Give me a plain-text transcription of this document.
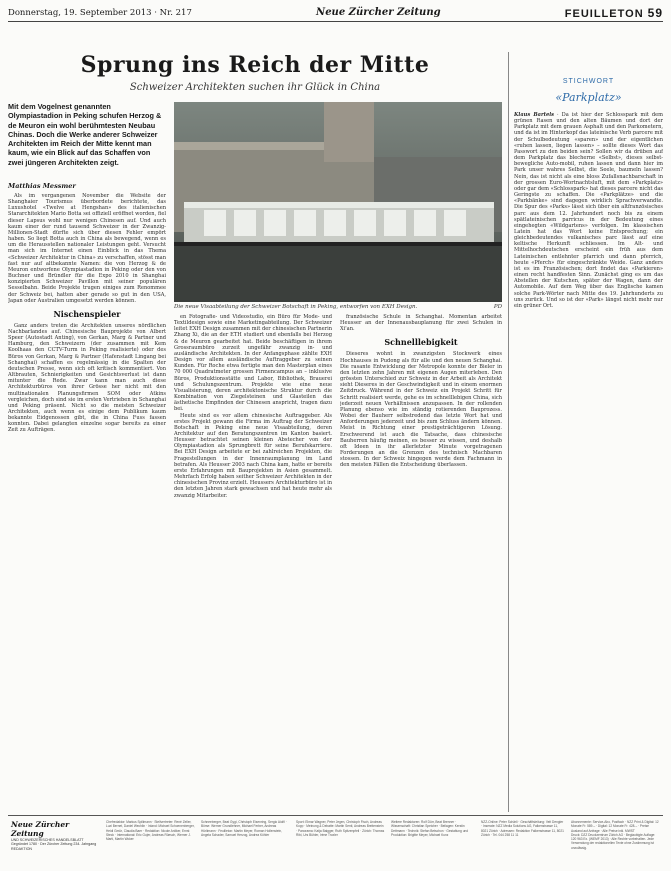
Donnerstag, 19. September 2013 · Nr. 217	Neue Zürcher Zeitung	FEUILLETON 59
Sprung ins Reich der Mitte
Schweizer Architekten suchen ihr Glück in China
Mit dem Vogelnest genannten Olympiastadion in Peking schufen Herzog & de Meuron ein wohl berühmtesten Neubau Chinas. Doch die Werke anderer Schweizer Architekten im Reich der Mitte kennt man kaum, wie ein Blick auf das Schaffen von zwei jüngeren Architekten zeigt.
Matthias Messmer

Als im vergangenen November die Website der Shanghaier Tourismus überbordete berichtete, das Luxushotel «Twelve at Hengshan» des italienischen Stararchitekten Mario Botta sei offiziell eröffnet worden, fiel dieser Lapsus wohl nur wenigen Chinesen auf. Und auch kaum einer der rund tausend Schweizer in der Zwanzig-Millionen-Stadt dürfte sich über diesen Fehler empört haben. So liegt Botta auch in China als bewegend, wenn es um die Herausstellen nationaler Leistungen geht. Versucht man sich im Internet einen Einblick in das Thema «Schweizer Architektur in China» zu verschaffen, stösst man fast nur auf altbekannte Namen: die von Herzog & de Meuron entworfene Olympiastadion in Peking oder den von Buchner und Bründler für die Expo 2010 in Shanghai konzipierten Schweizer Pavillon mit seiner populären Sesselbahn. Beide Projekte trugen einiges zum Renommee der Schweiz bei, hatten aber gerade so gut in den USA, Japan oder Australien umgesetzt werden können.

Nischenspieler

Ganz anders treten die Architekten unseres nördlichen Nachbarlandes auf. Chinesische Bauprojekte von Albert Speer (Autostadt Anting), von Gerkan, Marg & Partner und Hamburg, den Schweizern (der zusammen mit Kem Koolhaas den CCTV-Turm in Peking realisierte) oder des Büros von Gerkan, Marg & Partner (Hafenstadt Lingang bei Schanghai) schaffen es regelmässig in die Spalten der deutschen Presse, wenn sich oft kritisch kommentiert. Von Altbrauten, Schnierigkeiten und Gesichtsverlust ist dann mitunter die Rede. Zwar kann man auch diese Architekturbüros von ihrer Grösse her nicht mit den multinationalen Planungsfirmen SOM oder Atkins vergleichen, doch sind sie im ersten Vertrieben in Schanghai und Peking präsent. Nicht so die meisten Schweizer Architekten, auch wenn es einige dem Publikum kaum bekannte Eidgenossen gibt, die in China Fuss fassen konnten. Dabei gelangten einzelne sogar bereits zu einer Zeit zu Aufträgen.

Die neue Visaabteilung der Schweizer Botschaft in Peking, entworfen von EXH Design.	PD

en Fotografie- und Videostudio, ein Büro für Mode- und Textildesign sowie eine Marketingabteilung. Der Schweizer leitet EXH Design zusammen mit der chinesischen Partnerin Zhang Xi, die an der ETH studiert und ebenfalls bei Herzog & de Meuron gearbeitet hat. Beide beschäftigen in ihrem Grossraumbüro zurzeit ungefähr zwanzig in- und ausländische Architekten. In der Anfangsphase zählte EXH Design vor allem ausländische Auftraggeber zu seinen Kunden. Für Roche etwa fertigte man den Masterplan eines 70 000 Quadratmeter grossen Firmencampus an – inklusive Büros, Produktionsstätte und Labor, Bibliothek, Brauerei und Schulungszentrum. Projekte wie eine neue Visualisierung, deren architektonische Struktur durch die Kombination von Ziegelsteinen und Glasteilen das ästhetische Empfinden der Chinesen anspricht, tragen dazu bei.

Heute sind es vor allem chinesische Auftraggeber. Als erstes Projekt gewann die Firma im Auftrag der Schweizer Botschaft in Peking eine neue Visaabteilung, deren Architektur auf den Beratungszentren im Kanton basiert. Heusser betrachtet seinen kleinen Abstecher von der Olympiastadion als Sprungbrett für seine Berufskarriere. Bei EXH Design arbeitete er bei zahlreichen Projekten, die Fragestellungen in der Innenraumplanung im Land betrafen. Als Heusser 2003 nach China kam, hatte er bereits erste Erfahrungen mit Bauprojekten in Asien gesammelt. Mehrfach Erfolg haben seither Schweizer Architekten in der chinesischen Provinz erzielt. Heussers Architekturbüro ist in den letzten Jahren stark gewachsen und hat heute mehr als zwanzig Mitarbeiter.

französische Schule in Schanghai. Momentan arbeitet Heusser an der Innenausbauplanung für zwei Schulen in Xi'an.

Schnelllebigkeit

Dieseres wohnt in zwanzigsten Stockwerk eines Hochhauses in Pudong als für alle und den neuen Schanghai. Die rasante Entwicklung der Metropole konnte der Bieler in den letzten zehn Jahren mit eigenen Augen miterleben. Den grössten Unterschied zur Schweiz in der Arbeit als Architekt sieht Dieseres in der Geschwindigkeit und in einem enormen Zeitdruck. Während in der Schweiz ein Projekt Schritt für Schritt realisiert werde, gehe es im schnelllebigen China, sich jederzeit neuen Verhältnissen anzupassen. In der rollenden Planung ebenso wie im ständig rotierenden Bauprozess. Wobei der Bauherr selbstredend das letzte Wort hat und Anforderungen jederzeit und bis zum Schluss ändern können. Meist in Richtung einer prestigeträchtigeren Lösung. Erschwerend ist auch die Tatsache, dass chinesische Bauherren häufig meinen, es besser zu wissen, und deshalb oft Ideen in ihr allerletzter Minute vorgetragenen Forderungen an die Grenzen des technisch Machbaren stossen. In der Schweiz hingegen werde dem Fachmann in den meisten Fällen die Entscheidung überlassen.

STICHWORT
«Parkplatz»
Klaus Bartels · Da ist hier der Schlosspark mit dem grünen Rasen und den alten Bäumen und dort der Parkplatz mit dem grauen Asphalt und den Parkometern, und da ist im Hinterkopf das lateinische Verb parcere mit der Schulbedeutung «sparen» und der eigentlichen «ruhen lassen, liegen lassen» – sollte dieses Wort das Passwort zu den beiden sein? Sollen wir da drüben auf dem Parkplatz das blecherne «Selbst», dieses selbst-bewegliche Auto-mobil, ruhen lassen und dann hier im Park unser wahres Selbst, die Seele, baumeln lassen? Nein, das ist nicht als eine bloss Zufallsnachbarschaft in der grossen Euro-Wortnachtsluft, mit dem «Parkplatz» oder gar dem «Schlosspark» hat dieses parcere nicht das Geringste zu schaffen. Die «Parkplätze» und die «Parkbänke» sind dagegen wirklich Sprachverwandte. Die Spur des «Parks» lässt sich über ein altfranzösisches parc aus dem 12. Jahrhundert noch bis zu einem spätlateinischen parricus in der Bedeutung eines eingehegten «Wildgartens» verfolgen. Im klassischen Latein hat das Wort keine Entsprechung; ein gleichbedeutendes vulkanisches parc lässt auf eine keltische Herkunft schliessen. Im Alt- und Mittelhochdeutschen erscheint ein früh aus dem Lateinischen entlehnter pfarrich und dann pferrich, heute «Pferch» für eingeschränkte Weide. Ganz anders ist es im Französischen; dort findet das «Parkieren» einen recht handfesten Sinn. Zunächst ging es um das Abstellen der Kutschen, später der Wagen, dann der Automobile. Auf dem Weg über das Englische kamen solche Park-Wörter nach Mitte des 19. Jahrhunderts zu uns zurück. Und so ist der «Park» längst nicht mehr nur ein grüner Ort.
Neue Zürcher Zeitung
UND SCHWEIZERISCHES HANDELSBLATT
Gegründet 1780 · Der Zürcher Zeitung 234. Jahrgang
REDAKTION
Chefredaktor: Markus Spillmann · Stellvertreter: René Zeller, Luzi Bernet, Daniel Wechlin · Inland: Michael Schoenenberger, Heidi Gmür, Claudia Baer · Redaktion: Nicole Anliker, Ernst Steck · International: Eric Gujer, Andreas Rüesch, Werner J. Marti, Martin Woker
Schneeberger, Beat Gygi, Christoph Eisenring, Sergio Aiolfi · Börse: Werner Grundlehner, Michael Ferber, Andreas Hürlimann · Feuilleton: Martin Meyer, Roman Hollenstein, Angela Schader, Samuel Herzog, Andrea Köhler
Sport: Elmar Wagner, Peter Jegen, Christoph Fisch, Andreas Kopp · Meinung & Debatte: Martin Senti, Andreas Breitenstein · Panorama: Katja Baigger, Ruth Spitzenpfeil · Zürich: Thomas Ribi, Urs Bühler, Irène Troxler
Weitere Redaktoren: Rolf Dürr, Beat Brenner · Wissenschaft: Christian Speicher · Beilagen: Kerstin Dettmann · Technik: Stefan Betschon · Gestaltung und Produktion: Brigitte Meyer, Michael Kunz
NZZ-Online: Peter Schärli · Geschäftsleitung: Veit Dengler · Inserate: NZZ Media Solutions AG, Falkenstrasse 11, 8021 Zürich · Adressen: Redaktion Falkenstrasse 11, 8021 Zürich · Tel. 044 258 11 11
Abonnemente: Service-Abo, Postfach · NZZ Print & Digital: 12 Monate Fr. 589.– · Digital: 12 Monate Fr. 428.– · Preise Ausland auf Anfrage · Alle Preise inkl. MWST
Druck: DZZ Druckzentrum Zürich AG · Beglaubigte Auflage: 120 963 Ex. (WEMF 2013) · Alle Rechte vorbehalten. Jede Verwendung der redaktionellen Texte ohne Zustimmung ist unzulässig.
